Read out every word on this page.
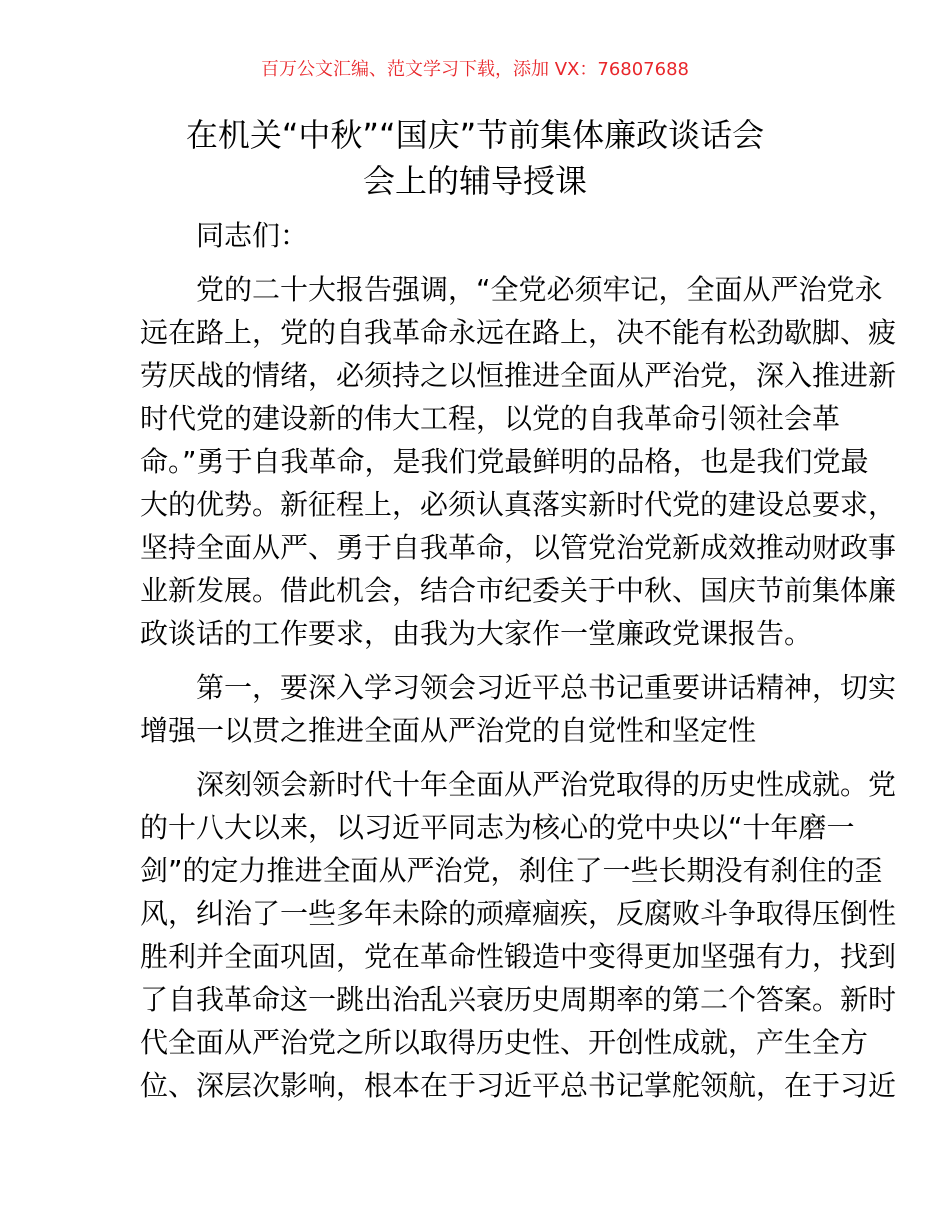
百万公文汇编、范文学习下载，添加 VX：76807688
在机关“中秋”“国庆”节前集体廉政谈话会
会上的辅导授课
同志们：
党的二十大报告强调，“全党必须牢记，全面从严治党永
远在路上，党的自我革命永远在路上，决不能有松劲歇脚、疲
劳厌战的情绪，必须持之以恒推进全面从严治党，深入推进新
时代党的建设新的伟大工程，以党的自我革命引领社会革
命。”勇于自我革命，是我们党最鲜明的品格，也是我们党最
大的优势。新征程上，必须认真落实新时代党的建设总要求，
坚持全面从严、勇于自我革命，以管党治党新成效推动财政事
业新发展。借此机会，结合市纪委关于中秋、国庆节前集体廉
政谈话的工作要求，由我为大家作一堂廉政党课报告。
第一，要深入学习领会习近平总书记重要讲话精神，切实
增强一以贯之推进全面从严治党的自觉性和坚定性
深刻领会新时代十年全面从严治党取得的历史性成就。党
的十八大以来，以习近平同志为核心的党中央以“十年磨一
剑”的定力推进全面从严治党，刹住了一些长期没有刹住的歪
风，纠治了一些多年未除的顽瘴痼疾，反腐败斗争取得压倒性
胜利并全面巩固，党在革命性锻造中变得更加坚强有力，找到
了自我革命这一跳出治乱兴衰历史周期率的第二个答案。新时
代全面从严治党之所以取得历史性、开创性成就，产生全方
位、深层次影响，根本在于习近平总书记掌舵领航，在于习近
